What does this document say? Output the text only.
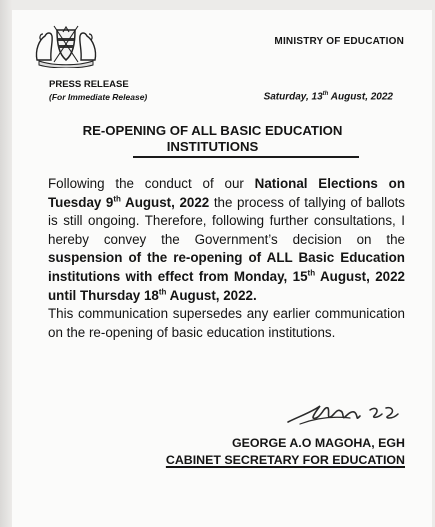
MINISTRY OF EDUCATION
PRESS RELEASE
(For Immediate Release)	Saturday, 13th August, 2022
RE-OPENING OF ALL BASIC EDUCATION
INSTITUTIONS

Following the conduct of our National Elections on Tuesday 9th August, 2022 the process of tallying of ballots is still ongoing. Therefore, following further consultations, I hereby convey the Government’s decision on the suspension of the re-opening of ALL Basic Education institutions with effect from Monday, 15th August, 2022 until Thursday 18th August, 2022.

This communication supersedes any earlier communication on the re-opening of basic education institutions.

GEORGE A.O MAGOHA, EGH
CABINET SECRETARY FOR EDUCATION
